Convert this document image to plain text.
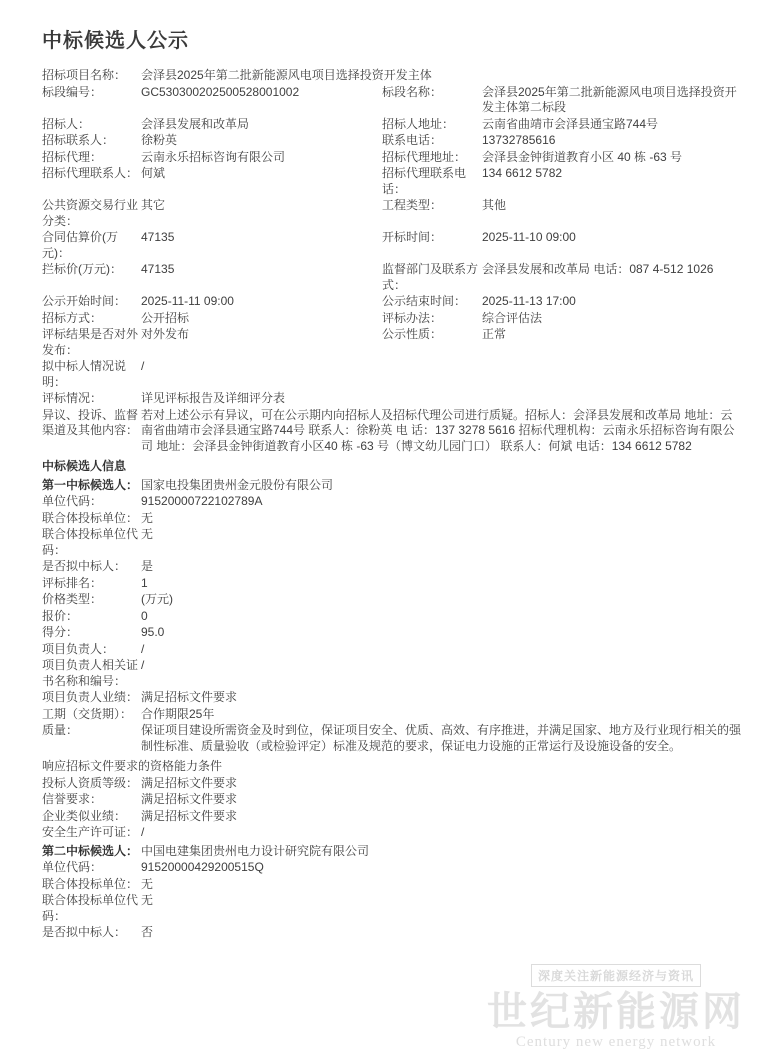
中标候选人公示
招标项目名称：	会泽县2025年第二批新能源风电项目选择投资开发主体		
标段编号：	GC530300202500528001002	标段名称：	会泽县2025年第二批新能源风电项目选择投资开发主体第二标段
招标人：	会泽县发展和改革局	招标人地址：	云南省曲靖市会泽县通宝路744号
招标联系人：	徐粉英	联系电话：	13732785616
招标代理：	云南永乐招标咨询有限公司	招标代理地址：	会泽县金钟街道教育小区 40 栋 -63 号
招标代理联系人：	何斌	招标代理联系电话：	134 6612 5782
公共资源交易行业分类：	其它	工程类型：	其他
合同估算价(万元)：	47135	开标时间：	2025-11-10 09:00
拦标价(万元)：	47135	监督部门及联系方式：	会泽县发展和改革局 电话：087 4-512 1026
公示开始时间：	2025-11-11 09:00	公示结束时间：	2025-11-13 17:00
招标方式：	公开招标	评标办法：	综合评估法
评标结果是否对外发布：	对外发布	公示性质：	正常
拟中标人情况说明：	/		
评标情况：	详见评标报告及详细评分表		
异议、投诉、监督渠道及其他内容：	若对上述公示有异议，可在公示期内向招标人及招标代理公司进行质疑。招标人：会泽县发展和改革局 地址：云南省曲靖市会泽县通宝路744号 联系人：徐粉英 电 话：137 3278 5616 招标代理机构：云南永乐招标咨询有限公司 地址：会泽县金钟街道教育小区40 栋 -63 号（博文幼儿园门口） 联系人：何斌 电话：134 6612 5782		
中标候选人信息			
第一中标候选人：	国家电投集团贵州金元股份有限公司		
单位代码：	91520000722102789A		
联合体投标单位：	无		
联合体投标单位代码：	无		
是否拟中标人：	是		
评标排名：	1		
价格类型：	(万元)		
报价：	0		
得分：	95.0		
项目负责人：	/		
项目负责人相关证书名称和编号：	/		
项目负责人业绩：	满足招标文件要求		
工期（交货期）：	合作期限25年		
质量：	保证项目建设所需资金及时到位，保证项目安全、优质、高效、有序推进，并满足国家、地方及行业现行相关的强制性标准、质量验收（或检验评定）标准及规范的要求，保证电力设施的正常运行及设施设备的安全。		
响应招标文件要求的资格能力条件			
投标人资质等级：	满足招标文件要求		
信誉要求：	满足招标文件要求		
企业类似业绩：	满足招标文件要求		
安全生产许可证：	/		
第二中标候选人：	中国电建集团贵州电力设计研究院有限公司		
单位代码：	91520000429200515Q		
联合体投标单位：	无		
联合体投标单位代码：	无		
是否拟中标人：	否		
深度关注新能源经济与资讯
世纪新能源网
Century new energy network
